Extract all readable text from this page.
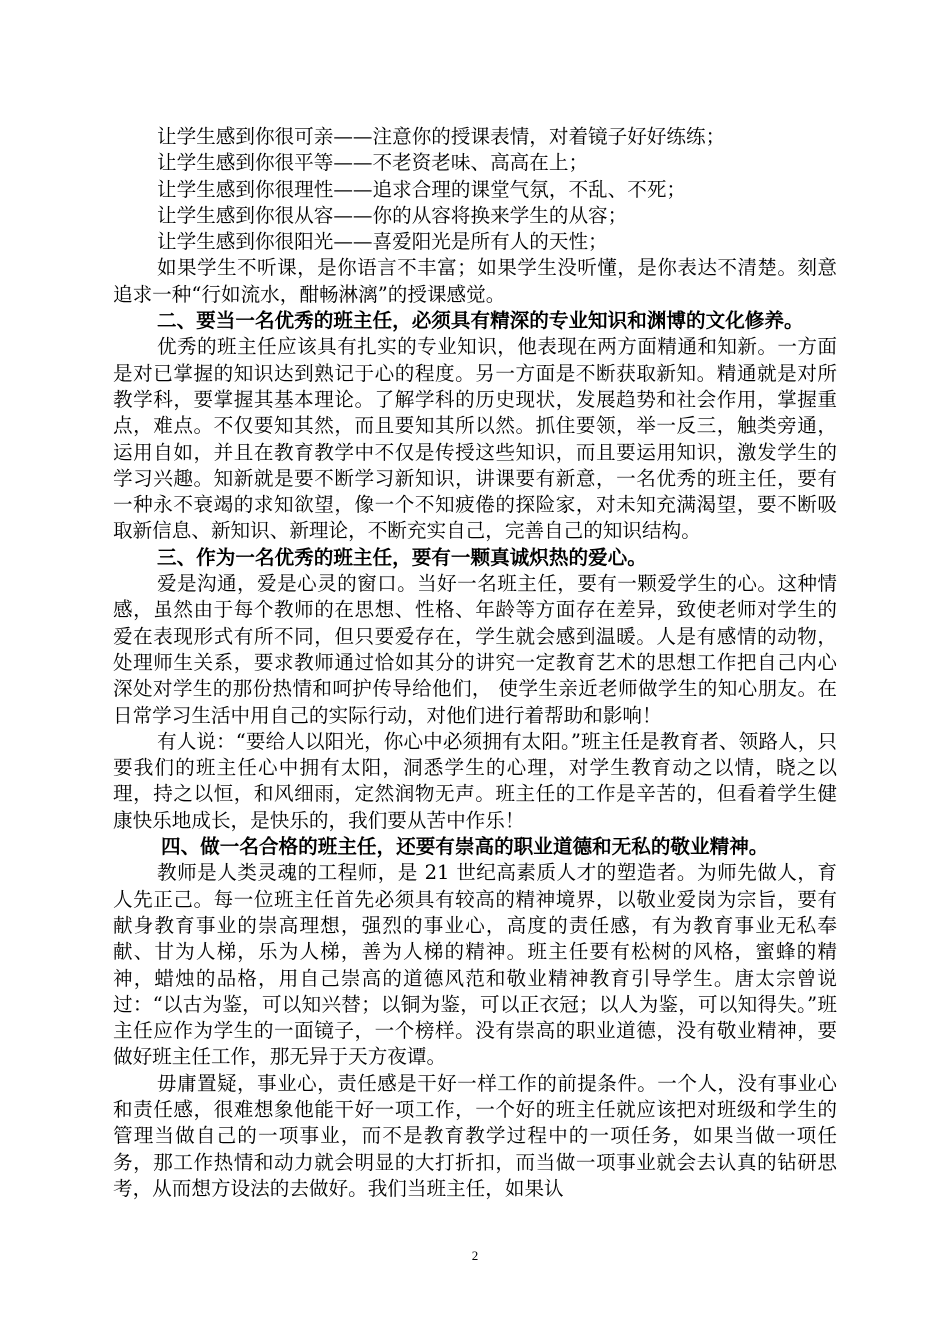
让学生感到你很可亲——注意你的授课表情，对着镜子好好练练；
让学生感到你很平等——不老资老味、高高在上；
让学生感到你很理性——追求合理的课堂气氛，不乱、不死；
让学生感到你很从容——你的从容将换来学生的从容；
让学生感到你很阳光——喜爱阳光是所有人的天性；

如果学生不听课，是你语言不丰富；如果学生没听懂，是你表达不清楚。刻意追求一种“行如流水，酣畅淋漓”的授课感觉。

二、要当一名优秀的班主任，必须具有精深的专业知识和渊博的文化修养。

优秀的班主任应该具有扎实的专业知识，他表现在两方面精通和知新。一方面是对已掌握的知识达到熟记于心的程度。另一方面是不断获取新知。精通就是对所教学科，要掌握其基本理论。了解学科的历史现状，发展趋势和社会作用，掌握重点，难点。不仅要知其然，而且要知其所以然。抓住要领，举一反三，触类旁通，运用自如，并且在教育教学中不仅是传授这些知识，而且要运用知识，激发学生的学习兴趣。知新就是要不断学习新知识，讲课要有新意，一名优秀的班主任，要有一种永不衰竭的求知欲望，像一个不知疲倦的探险家，对未知充满渴望，要不断吸取新信息、新知识、新理论，不断充实自己，完善自己的知识结构。

三、作为一名优秀的班主任，要有一颗真诚炽热的爱心。

爱是沟通，爱是心灵的窗口。当好一名班主任，要有一颗爱学生的心。这种情感，虽然由于每个教师的在思想、性格、年龄等方面存在差异，致使老师对学生的爱在表现形式有所不同，但只要爱存在，学生就会感到温暖。人是有感情的动物，处理师生关系，要求教师通过恰如其分的讲究一定教育艺术的思想工作把自己内心深处对学生的那份热情和呵护传导给他们， 使学生亲近老师做学生的知心朋友。在日常学习生活中用自己的实际行动，对他们进行着帮助和影响！

有人说：“要给人以阳光，你心中必须拥有太阳。”班主任是教育者、领路人，只要我们的班主任心中拥有太阳，洞悉学生的心理，对学生教育动之以情，晓之以理，持之以恒，和风细雨，定然润物无声。班主任的工作是辛苦的，但看着学生健康快乐地成长，是快乐的，我们要从苦中作乐！

四、做一名合格的班主任，还要有崇高的职业道德和无私的敬业精神。

教师是人类灵魂的工程师，是 21 世纪高素质人才的塑造者。为师先做人，育人先正己。每一位班主任首先必须具有较高的精神境界，以敬业爱岗为宗旨，要有献身教育事业的崇高理想，强烈的事业心，高度的责任感，有为教育事业无私奉献、甘为人梯，乐为人梯，善为人梯的精神。班主任要有松树的风格，蜜蜂的精神，蜡烛的品格，用自己崇高的道德风范和敬业精神教育引导学生。唐太宗曾说过：“以古为鉴，可以知兴替；以铜为鉴，可以正衣冠；以人为鉴，可以知得失。”班主任应作为学生的一面镜子，一个榜样。没有崇高的职业道德，没有敬业精神，要做好班主任工作，那无异于天方夜谭。

毋庸置疑，事业心，责任感是干好一样工作的前提条件。一个人，没有事业心和责任感，很难想象他能干好一项工作，一个好的班主任就应该把对班级和学生的管理当做自己的一项事业，而不是教育教学过程中的一项任务，如果当做一项任务，那工作热情和动力就会明显的大打折扣，而当做一项事业就会去认真的钻研思考，从而想方设法的去做好。我们当班主任，如果认

2
